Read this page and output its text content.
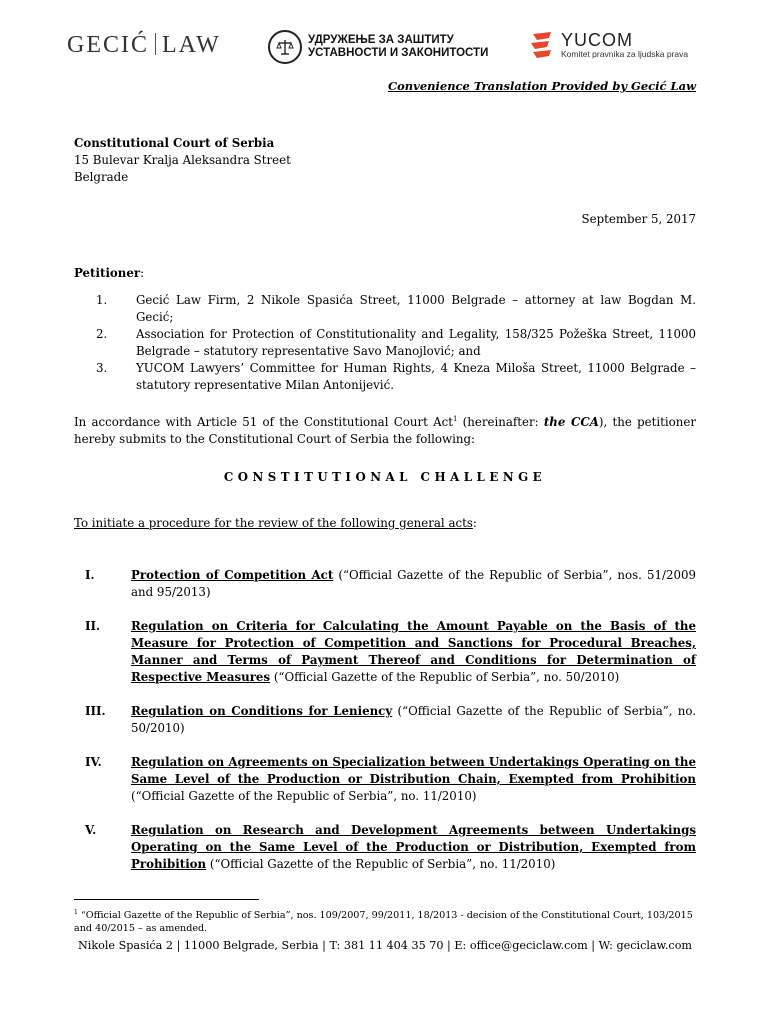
GECIĆ LAW	УДРУЖЕЊЕ ЗА ЗАШТИТУ
УСТАВНОСТИ И ЗАКОНИТОСТИ
YUCOM
Komitet pravnika za ljudska prava
Convenience Translation Provided by Gecić Law
Constitutional Court of Serbia
15 Bulevar Kralja Aleksandra Street
Belgrade
September 5, 2017
Petitioner:
1.	Gecić Law Firm, 2 Nikole Spasića Street, 11000 Belgrade – attorney at law Bogdan M. Gecić;
2.	Association for Protection of Constitutionality and Legality, 158/325 Požeška Street, 11000 Belgrade – statutory representative Savo Manojlović; and
3.	YUCOM Lawyers’ Committee for Human Rights, 4 Kneza Miloša Street, 11000 Belgrade – statutory representative Milan Antonijević.
In accordance with Article 51 of the Constitutional Court Act$^1$ (hereinafter: the CCA), the petitioner hereby submits to the Constitutional Court of Serbia the following:
CONSTITUTIONAL CHALLENGE
To initiate a procedure for the review of the following general acts:
I.	Protection of Competition Act (“Official Gazette of the Republic of Serbia”, nos. 51/2009 and 95/2013)
II.	Regulation on Criteria for Calculating the Amount Payable on the Basis of the Measure for Protection of Competition and Sanctions for Procedural Breaches, Manner and Terms of Payment Thereof and Conditions for Determination of Respective Measures (“Official Gazette of the Republic of Serbia”, no. 50/2010)
III.	Regulation on Conditions for Leniency (“Official Gazette of the Republic of Serbia”, no. 50/2010)
IV.	Regulation on Agreements on Specialization between Undertakings Operating on the Same Level of the Production or Distribution Chain, Exempted from Prohibition (“Official Gazette of the Republic of Serbia”, no. 11/2010)
V.	Regulation on Research and Development Agreements between Undertakings Operating on the Same Level of the Production or Distribution, Exempted from Prohibition (“Official Gazette of the Republic of Serbia”, no. 11/2010)
$^1$ “Official Gazette of the Republic of Serbia”, nos. 109/2007, 99/2011, 18/2013 - decision of the Constitutional Court, 103/2015 and 40/2015 – as amended.
Nikole Spasića 2 | 11000 Belgrade, Serbia | T: 381 11 404 35 70 | E: office@geciclaw.com | W: geciclaw.com
